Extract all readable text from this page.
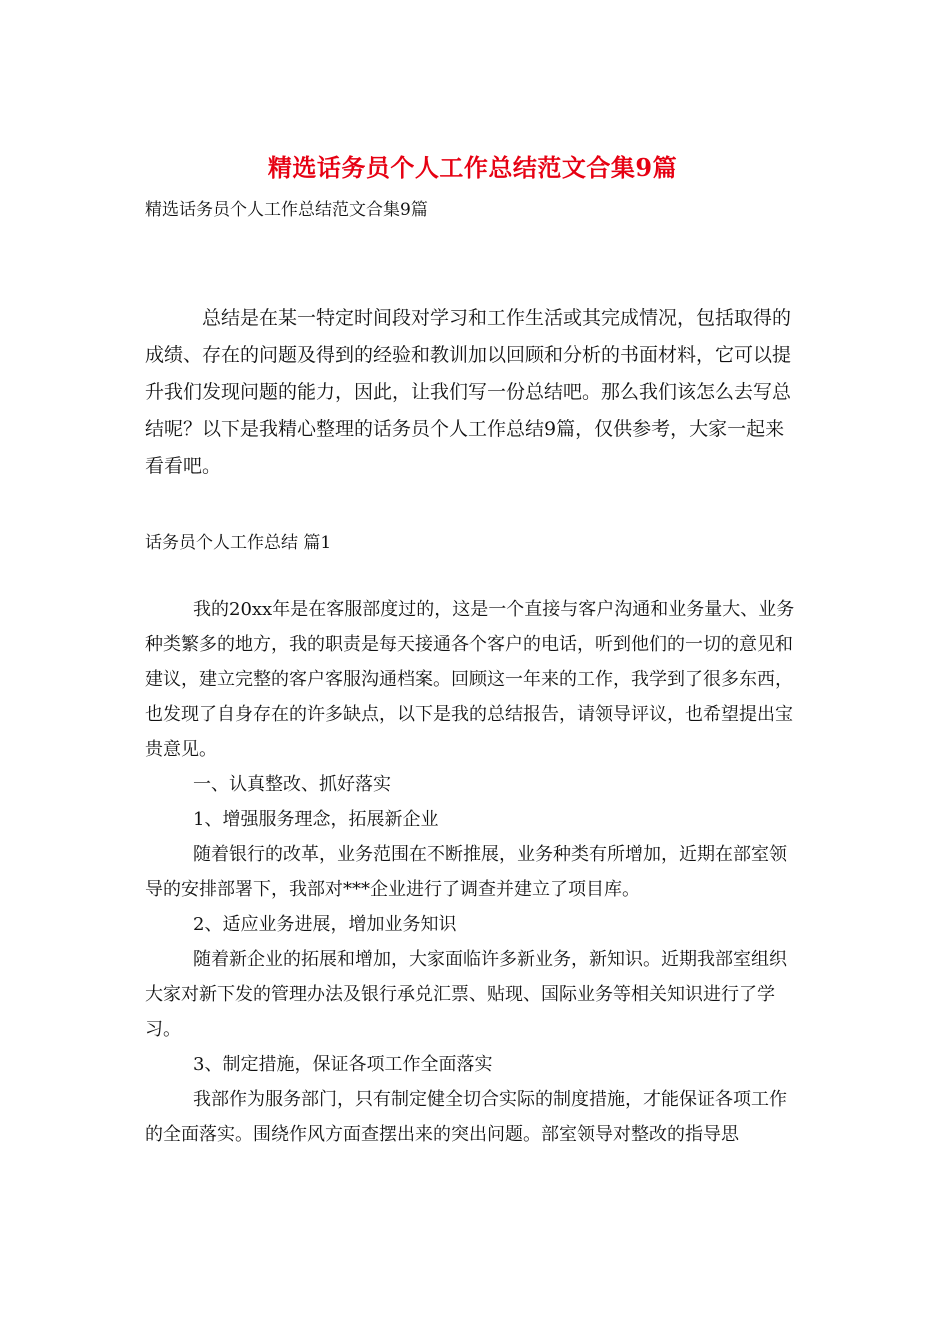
精选话务员个人工作总结范文合集9篇
精选话务员个人工作总结范文合集9篇

总结是在某一特定时间段对学习和工作生活或其完成情况，包括取得的成绩、存在的问题及得到的经验和教训加以回顾和分析的书面材料，它可以提升我们发现问题的能力，因此，让我们写一份总结吧。那么我们该怎么去写总结呢？以下是我精心整理的话务员个人工作总结9篇，仅供参考，大家一起来看看吧。

话务员个人工作总结 篇1

我的20xx年是在客服部度过的，这是一个直接与客户沟通和业务量大、业务种类繁多的地方，我的职责是每天接通各个客户的电话，听到他们的一切的意见和建议，建立完整的客户客服沟通档案。回顾这一年来的工作，我学到了很多东西，也发现了自身存在的许多缺点，以下是我的总结报告，请领导评议，也希望提出宝贵意见。

一、认真整改、抓好落实

1、增强服务理念，拓展新企业

随着银行的改革，业务范围在不断推展，业务种类有所增加，近期在部室领导的安排部署下，我部对***企业进行了调查并建立了项目库。

2、适应业务进展，增加业务知识

随着新企业的拓展和增加，大家面临许多新业务，新知识。近期我部室组织大家对新下发的管理办法及银行承兑汇票、贴现、国际业务等相关知识进行了学习。

3、制定措施，保证各项工作全面落实

我部作为服务部门，只有制定健全切合实际的制度措施，才能保证各项工作的全面落实。围绕作风方面查摆出来的突出问题。部室领导对整改的指导思
